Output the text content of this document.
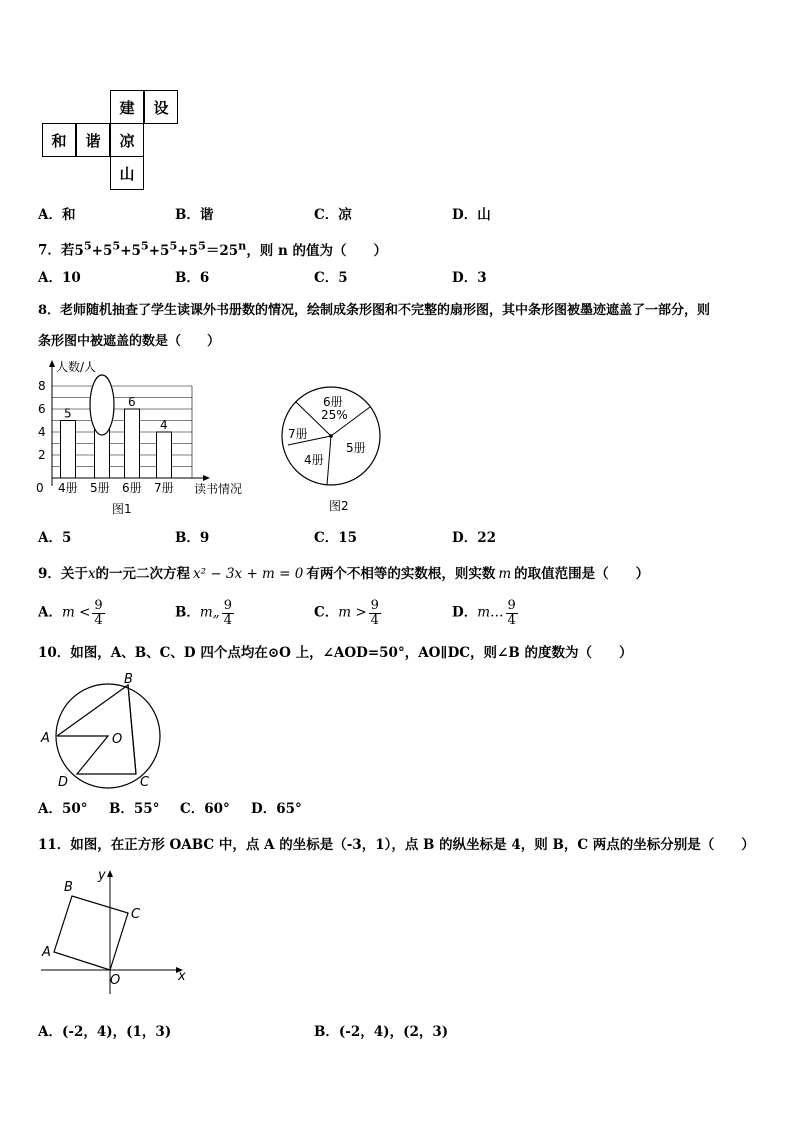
建	设
和	谐	凉
山
A．和	B．谐	C．凉	D．山
7．若$5^5+5^5+5^5+5^5+5^5=25^n$，则 n 的值为（　　）
A．10	B．6	C．5	D．3
8．老师随机抽查了学生读课外书册数的情况，绘制成条形图和不完整的扇形图，其中条形图被墨迹遮盖了一部分，则
条形图中被遮盖的数是（　　）
人数/人
读书情况
0
2
4
6
8
5
4册 5册
6
6册
4
7册
图1
6册
25%
5册
4册
7册
图2
A．5	B．9	C．15	D．22
9．关于x的一元二次方程 x² − 3x + m = 0 有两个不相等的实数根，则实数 m 的取值范围是（　　）
A．$m < \frac{9}{4}$	B．m„ $\frac{9}{4}$	C．$m > \frac{9}{4}$	D．m… $\frac{9}{4}$
10．如图，A、B、C、D 四个点均在⊙O 上，∠AOD=50°，AO∥DC，则∠B 的度数为（　　）
B
A	O
D	C
A．50° B．55° C．60° D．65°
11．如图，在正方形 OABC 中，点 A 的坐标是（-3，1），点 B 的纵坐标是 4，则 B，C 两点的坐标分别是（　　）
y
x
B
C
A
O
A．(-2，4)，(1，3)	B．(-2，4)，(2，3)
